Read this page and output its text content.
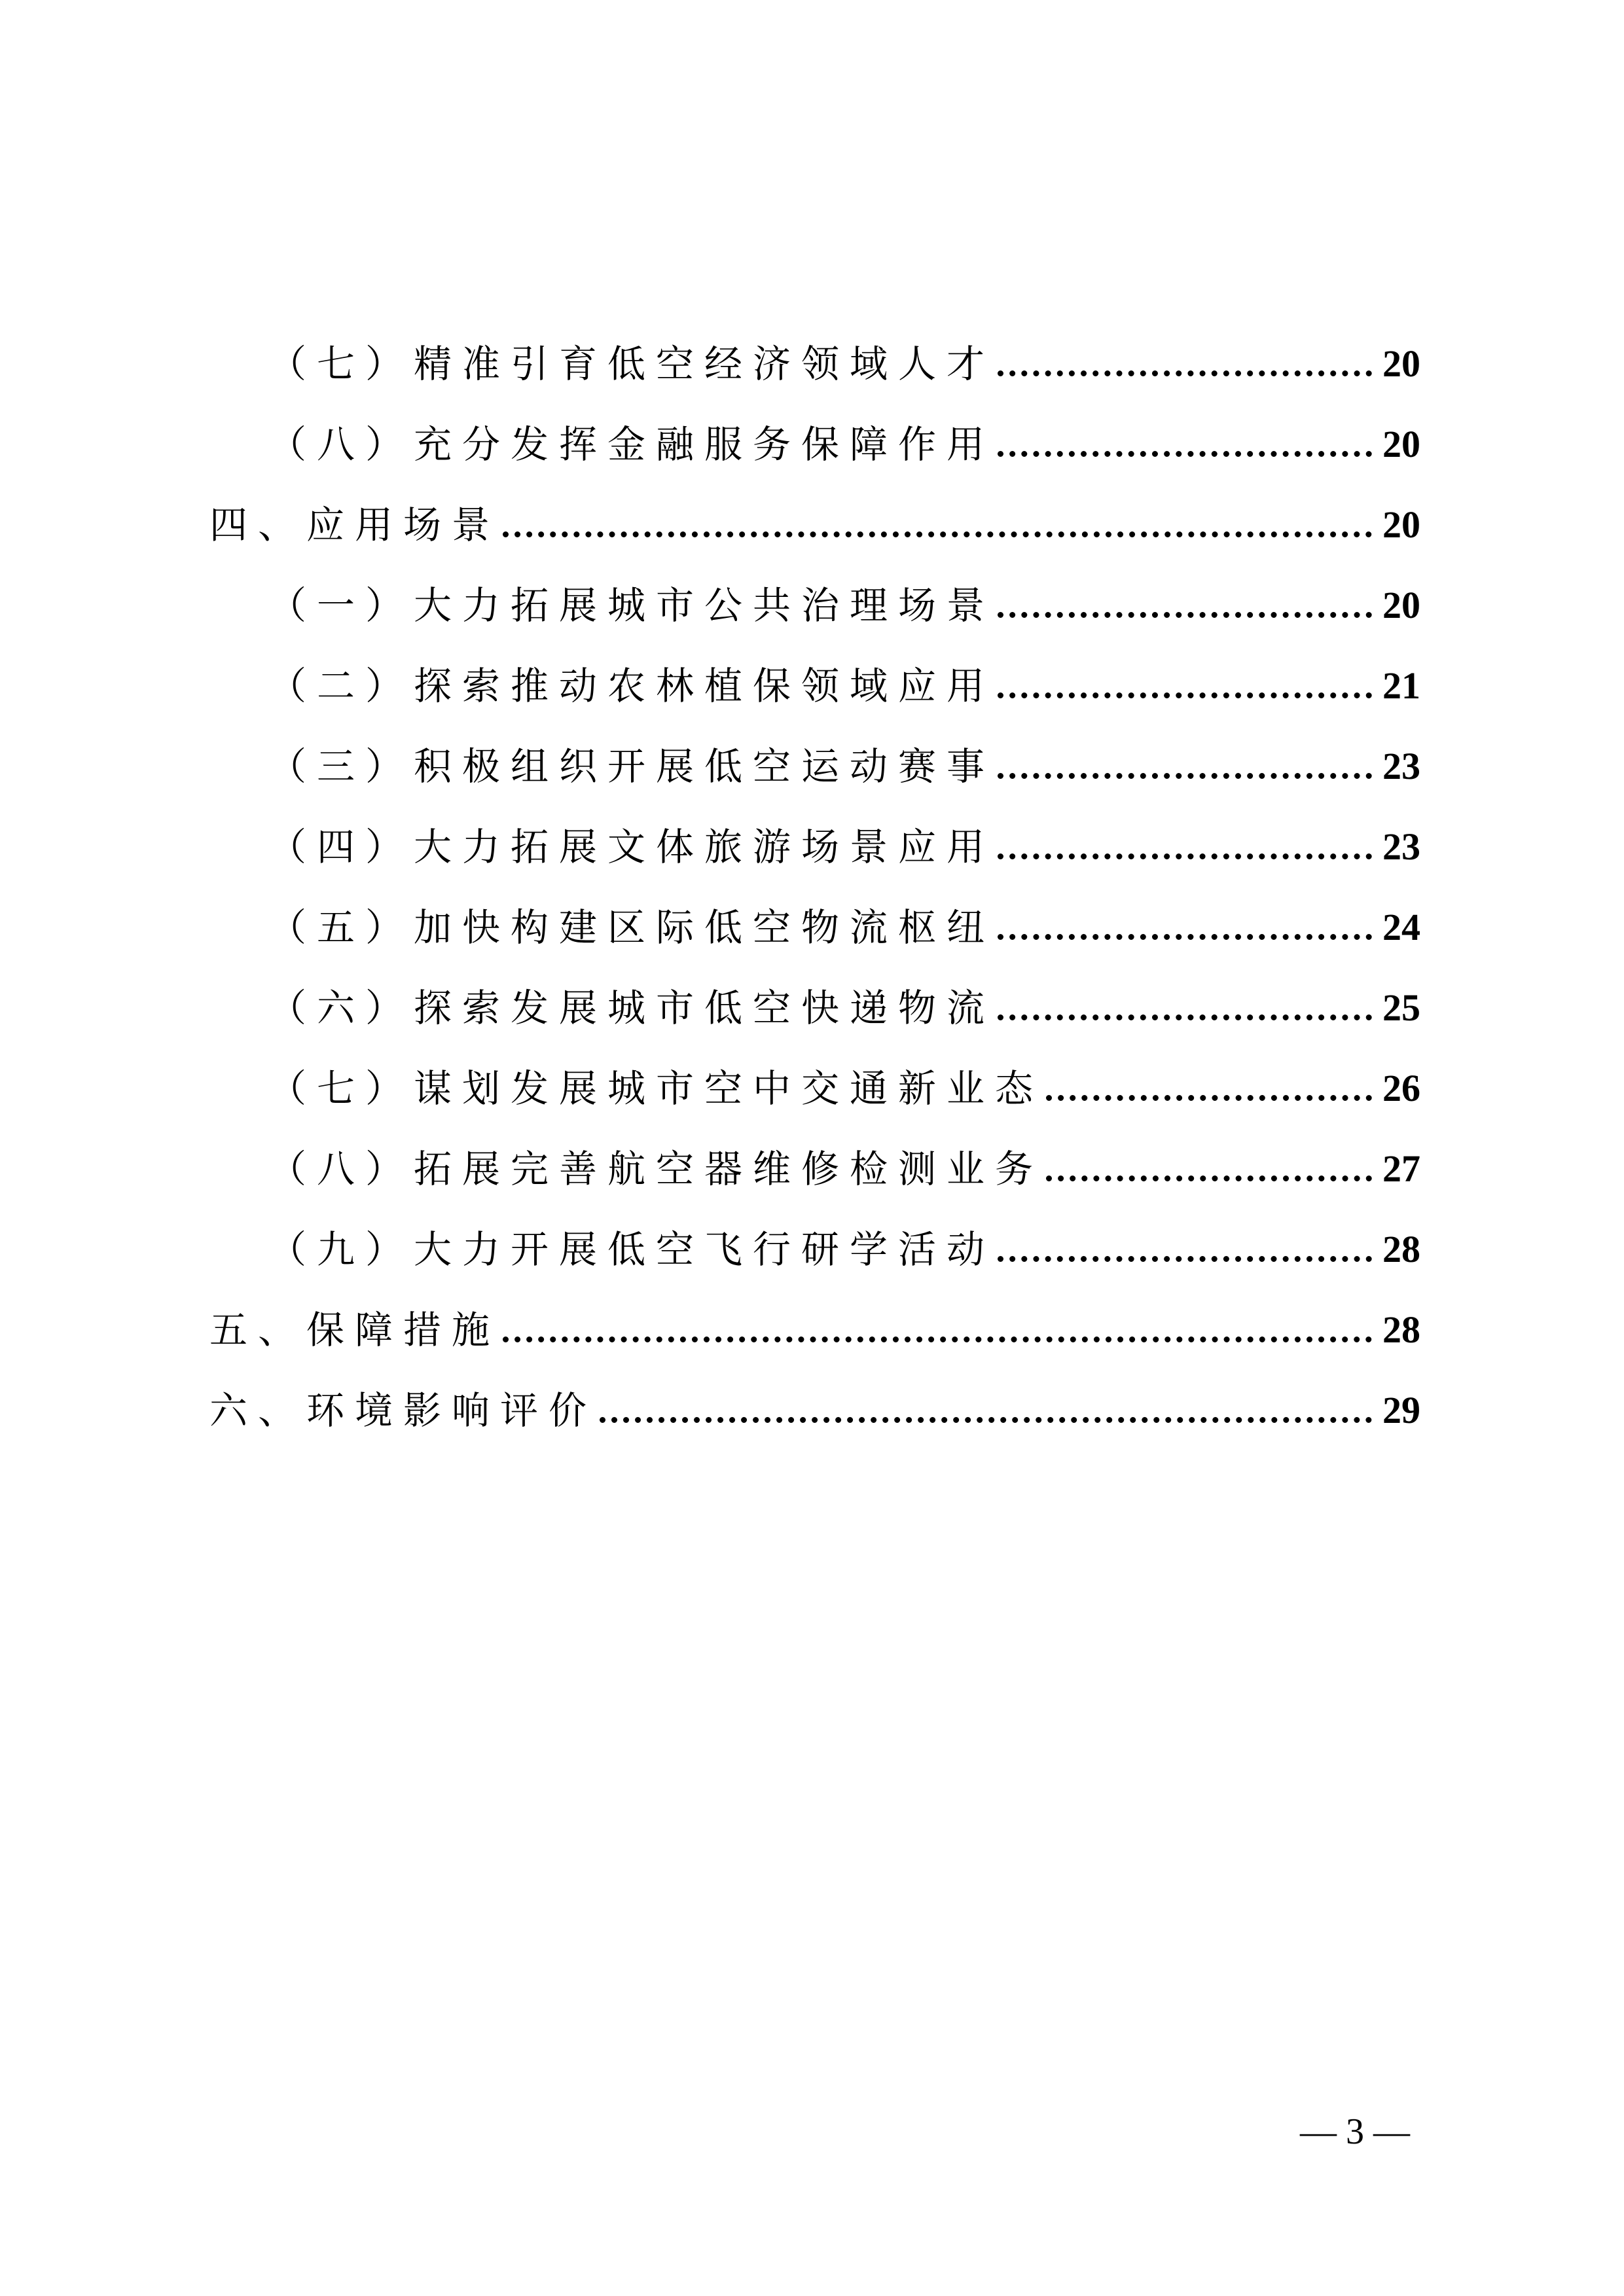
（七）精准引育低空经济领域人才	20
（八）充分发挥金融服务保障作用	20
四、应用场景	20
（一）大力拓展城市公共治理场景	20
（二）探索推动农林植保领域应用	21
（三）积极组织开展低空运动赛事	23
（四）大力拓展文体旅游场景应用	23
（五）加快构建区际低空物流枢纽	24
（六）探索发展城市低空快递物流	25
（七）谋划发展城市空中交通新业态	26
（八）拓展完善航空器维修检测业务	27
（九）大力开展低空飞行研学活动	28
五、保障措施	28
六、环境影响评价	29
— 3 —
